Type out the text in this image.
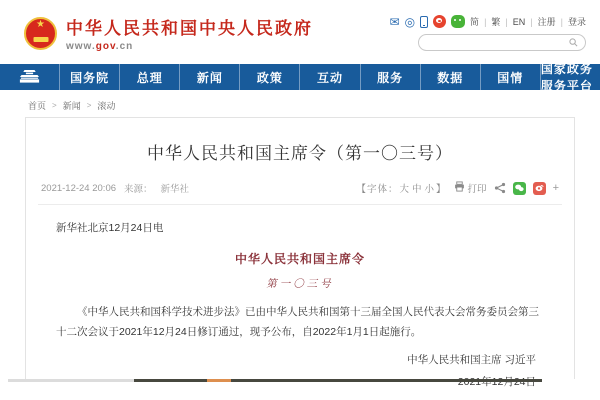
★ 中华人民共和国中央人民政府
www.gov.cn
✉ ◎	简 | 繁 | EN | 注册 | 登录
国务院	总理	新闻	政策	互动	服务	数据	国情
国家政务服务平台
首页 > 新闻 > 滚动
中华人民共和国主席令（第一〇三号）
2021-12-24 20:06 来源： 新华社	【字体：大 中 小】 打印	+

新华社北京12月24日电

中华人民共和国主席令

第一〇三号

《中华人民共和国科学技术进步法》已由中华人民共和国第十三届全国人民代表大会常务委员会第三十二次会议于2021年12月24日修订通过，现予公布，自2022年1月1日起施行。

中华人民共和国主席 习近平
